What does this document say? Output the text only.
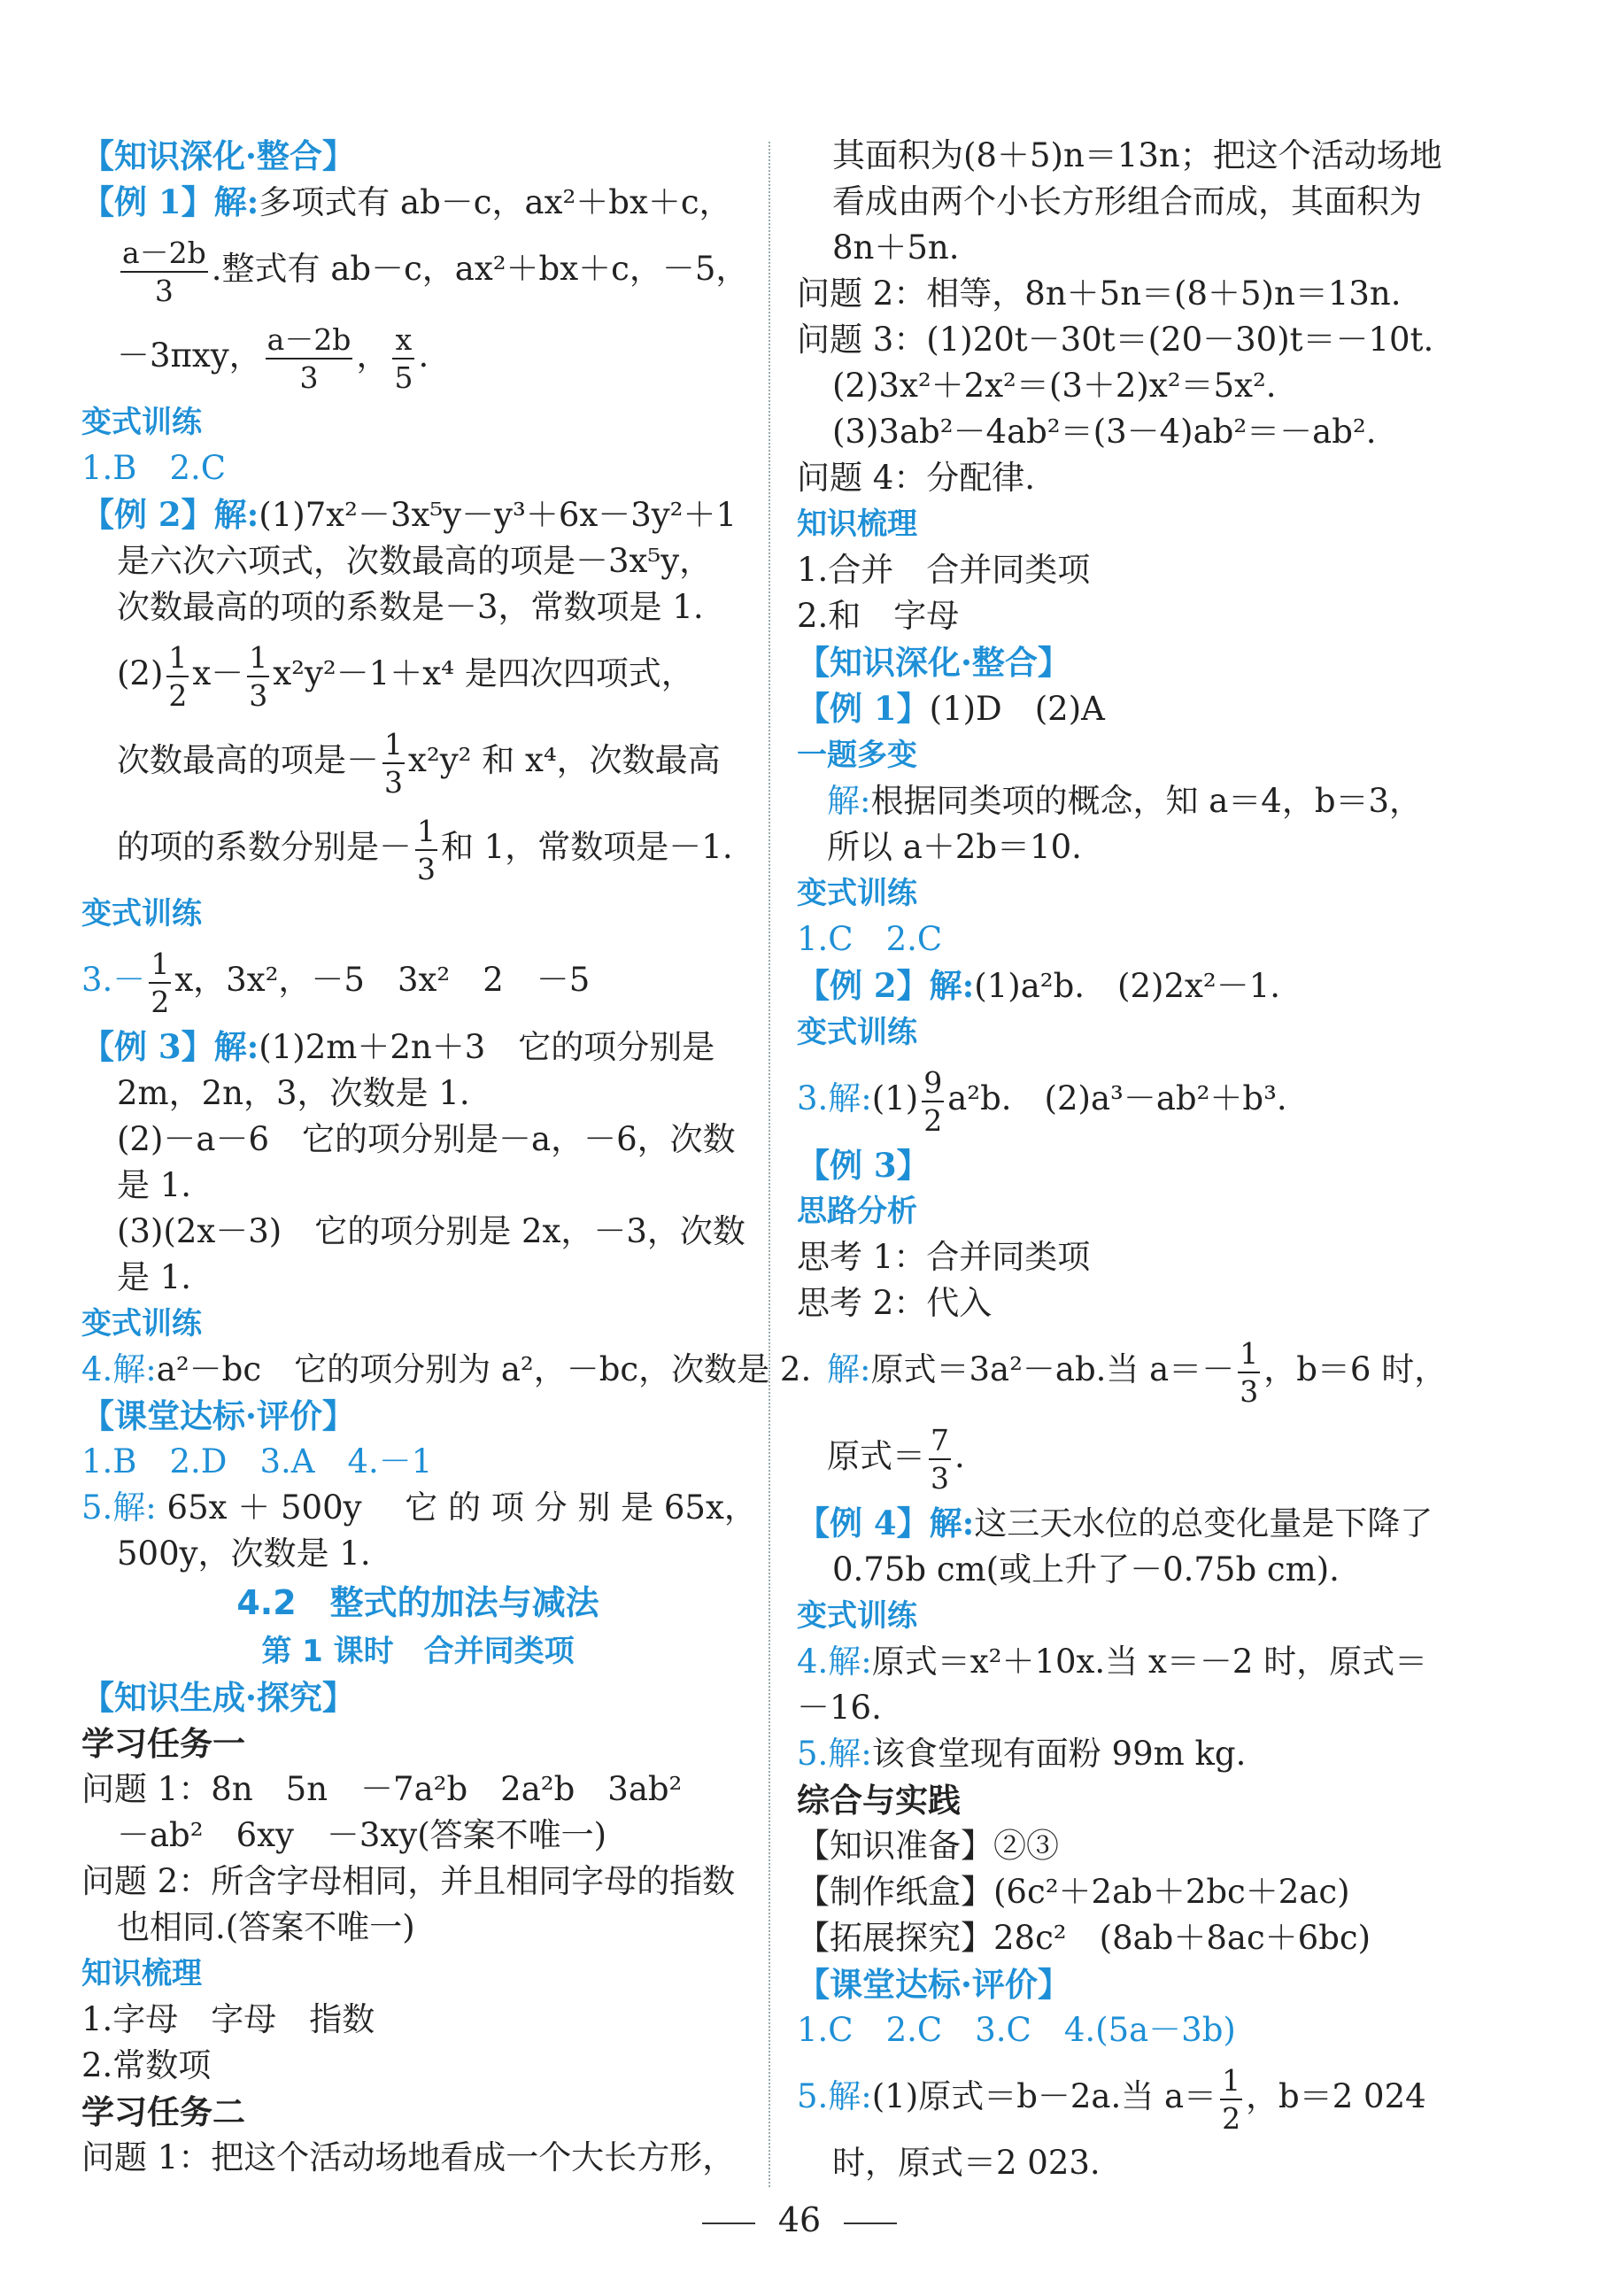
【知识深化·整合】
【例 1】解:多项式有 ab－c，ax²＋bx＋c，
$\frac{a-2b}{3}$ .整式有 ab－c，ax²＋bx＋c，－5，
－3πxy， $\frac{a-2b}{3}$ ， $\frac{x}{5}$ .
变式训练
1.B　2.C
【例 2】解:(1)7x²－3x⁵y－y³＋6x－3y²＋1
是六次六项式，次数最高的项是－3x⁵y，
次数最高的项的系数是－3，常数项是 1.
$(2) \frac{1}{2} x- \frac{1}{3} x^2y^2-1+x^4$ 是四次四项式，
次数最高的项是－ $\frac{1}{3} x^2y^2$ 和 x⁴，次数最高
的项的系数分别是－ $\frac{1}{3}$ 和 1，常数项是－1.
变式训练
$3.- \frac{1}{2}$ x，3x²，－5　3x²　2　－5
【例 3】解:(1)2m＋2n＋3　它的项分别是
2m，2n，3，次数是 1.
(2)－a－6　它的项分别是－a，－6，次数
是 1.
(3)(2x－3)　它的项分别是 2x，－3，次数
是 1.
变式训练
4.解:a²－bc　它的项分别为 a²，－bc，次数是 2.
【课堂达标·评价】
1.B　2.D　3.A　4.－1
5.解: 65x ＋ 500y　 它 的 项 分 别 是 65x，
500y，次数是 1.
4.2　整式的加法与减法
第 1 课时　合并同类项
【知识生成·探究】
学习任务一
问题 1：8n　5n　－7a²b　2a²b　3ab²
－ab²　6xy　－3xy(答案不唯一)
问题 2：所含字母相同，并且相同字母的指数
也相同.(答案不唯一)
知识梳理
1.字母　字母　指数
2.常数项
学习任务二
问题 1：把这个活动场地看成一个大长方形，
其面积为(8＋5)n＝13n；把这个活动场地
看成由两个小长方形组合而成，其面积为
8n＋5n.
问题 2：相等，8n＋5n＝(8＋5)n＝13n.
问题 3：(1)20t－30t＝(20－30)t＝－10t.
(2)3x²＋2x²＝(3＋2)x²＝5x².
(3)3ab²－4ab²＝(3－4)ab²＝－ab².
问题 4：分配律.
知识梳理
1.合并　合并同类项
2.和　字母
【知识深化·整合】
【例 1】(1)D　(2)A
一题多变
解:根据同类项的概念，知 a＝4，b＝3，
所以 a＋2b＝10.
变式训练
1.C　2.C
【例 2】解:(1)a²b.　(2)2x²－1.
变式训练
3.解:(1) $\frac{9}{2} a^2b$.　(2)a³－ab²＋b³.
【例 3】
思路分析
思考 1：合并同类项
思考 2：代入
解:原式＝3a²－ab.当 $a=- \frac{1}{3}$ ，b＝6 时，
原式＝ $\frac{7}{3}$ .
【例 4】解:这三天水位的总变化量是下降了
0.75b cm(或上升了－0.75b cm).
变式训练
4.解:原式＝x²＋10x.当 x＝－2 时，原式＝
－16.
5.解:该食堂现有面粉 99m kg.
综合与实践
【知识准备】②③
【制作纸盒】(6c²＋2ab＋2bc＋2ac)
【拓展探究】28c²　(8ab＋8ac＋6bc)
【课堂达标·评价】
1.C　2.C　3.C　4.(5a－3b)
5.解:(1)原式＝b－2a.当 $a= \frac{1}{2}$ ，b＝2 024
时，原式＝2 023.
46
